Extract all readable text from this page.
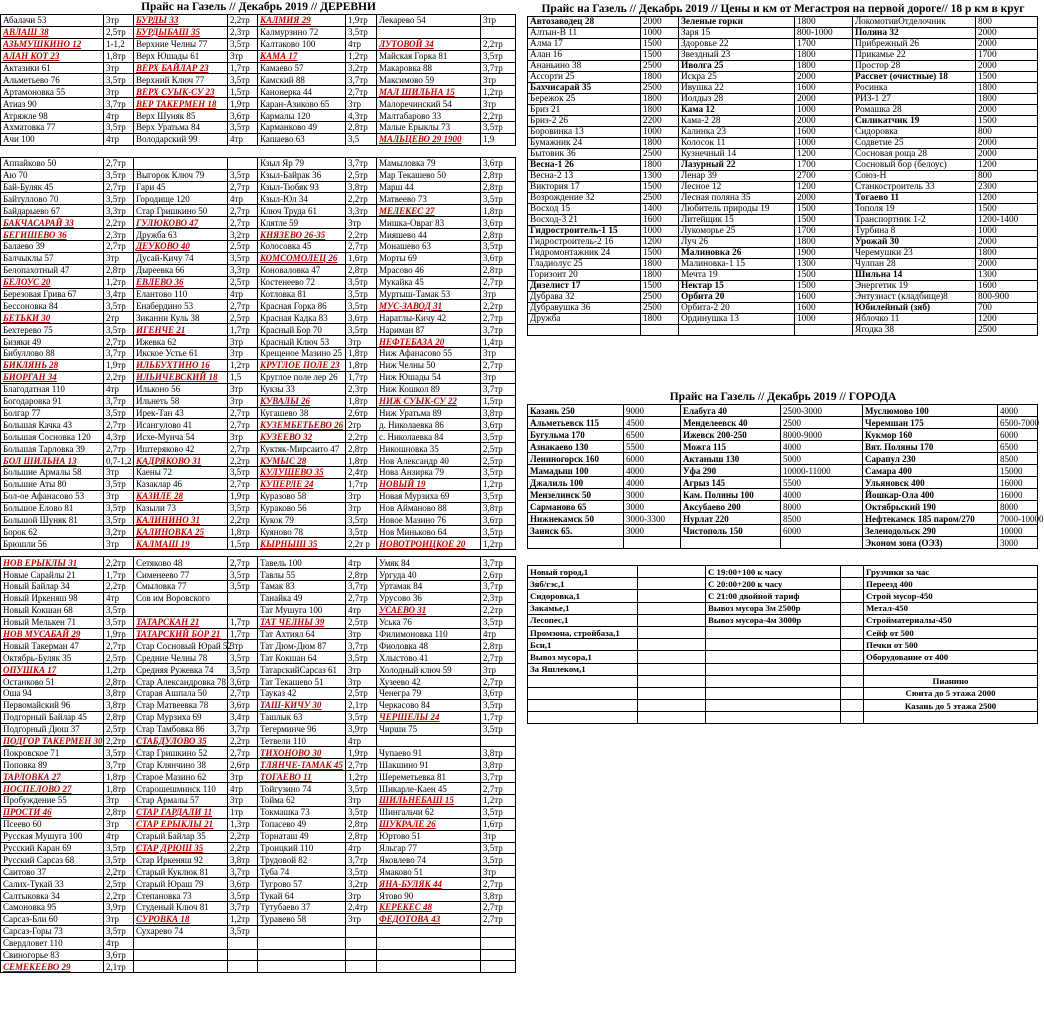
Прайс на Газель // Декабрь 2019 // ДЕРЕВНИ
Абалачи 53	3тр	БУРДЫ 33	2,2тр	КАЛМИЯ 29	1,9тр	Лекарево 54	3тр
АВЛАШ 38	2,5тр	БУРДЫБАШ 35	2,3тр	Калмурзино 72	3,5тр		
АЗЬМУШКИНО 12	1-1,2	Верхние Челны 77	3,5тр	Калтаково 100	4тр	ЛУТОВОЙ 34	2,2тр
АЛАН КОТ 23	1,8тр	Верх Юшады 61	3тр	КАМА 17	1,2тр	Майская Горка 81	3,5тр
Актазики 61	3тр	ВЕРХ БАЙЛАР 23	1,7тр	Камаево 57	3,2тр	Макаровка 88	3,7тр
Альметьево 76	3,5тр	Верхний Ключ 77	3,5тр	Камский 88	3,7тр	Максимово 59	3тр
Артамоновка 55	3тр	ВЕРХ СУЫК-СУ 23	1,5тр	Канонерка 44	2,7тр	МАЛ ШИЛЬНА 15	1,2тр
Атиаз 90	3,7тр	ВЕР ТАКЕРМЕН 18	1,9тр	Каран-Азиково 65	3тр	Малоречинский 54	3тр
Атряжле 98	4тр	Верх Шуняк 85	3,6тр	Кармалы 120	4,3тр	Малтабарово 33	2,2тр
Ахматовка 77	3,5тр	Верх Уратьма 84	3,5тр	Карманково 49	2,8тр	Малые Ерыклы 73	3,5тр
Ачи 100	4тр	Володарский 99	4тр	Кашаево 63	3,5	МАЛЬЦЕВО 29 1900	1,9
Аппайково 50	2,7тр			Кзыл Яр 79	3,7тр	Мамыловка 79	3,6тр
Аю 70	3,5тр	Выгорок Ключ 79	3,5тр	Кзыл-Байрак 36	2,5тр	Мар Текашево 50	2,8тр
Бай-Буляк 45	2,7тр	Гари 45	2,7тр	Кзыл-Тюбяк 93	3,8тр	Марш 44	2,8тр
Байтуллово 70	3,5тр	Городище 120	4тр	Кзыл-Юл 34	2,2тр	Матвеево 73	3,5тр
Байдарыево 67	3,3тр	Стар Гришкино 50	2,7тр	Ключ Труда 61	3,3тр	МЕЛЕКЕС 27	1,8тр
БАКЧАСАРАЙ 33	2,2тр	ГУЛЮКОВО 47	2,7тр	Клятле 59	3тр	Мишка-Овраг 83	3,6тр
БЕГИШЕВО 36	2,3тр	Дружба 63	3,2тр	КНЯЗЕВО 26-35	2,2тр	Мияшево 44	2,8тр
Балаево 39	2,7тр	ДЕУКОВО 40	2,5тр	Колосовка 45	2,7тр	Монашево 63	3,5тр
Балчыклы 57	3тр	Дусай-Кичу 74	3,5тр	КОМСОМОЛЕЦ 26	1,6тр	Морты 69	3,6тр
Белопахотный 47	2,8тр	Дыреевка 66	3,3тр	Коноваловка 47	2,8тр	Мрасово 46	2,8тр
БЕЛОУС 20	1,2тр	ЕВЛЕВО 36	2,5тр	Костенеево 72	3,5тр	Мукайка 45	2,7тр
Березовая Грива 67	3,4тр	Елантово 110	4тр	Котловка 81	3,5тр	Муртыш-Тамак 53	3тр
Бессоновка 84	3,5тр	Енабердино 53	2,7тр	Красная Горка 86	3,5тр	МУС-ЗАВОД 31	2,2тр
БЕТЬКИ 30	2тр	Зиканни Куль 38	2,5тр	Красная Кадка 83	3,6тр	Наратлы-Кичу 42	2,7тр
Бехтерево 75	3,5тр	ИГЕНЧЕ 21	1,7тр	Красный Бор 70	3,5тр	Нариман 87	3,7тр
Бизяки 49	2,7тр	Ижевка 62	3тр	Красный Ключ 53	3тр	НЕФТЕБАЗА 20	1,4тр
Бибуллово 88	3,7тр	Икское Устье 61	3тр	Крещеное Мазино 25	1,8тр	Ниж Афанасово 55	3тр
БИКЛЯНЬ 28	1,9тр	ИЛЬБУХТИНО 16	1,2тр	КРУГЛОЕ ПОЛЕ 23	1,8тр	Ниж Челны 50	2,7тр
БИОРГАН 34	2,2тр	ИЛЬИЧЕВСКИЙ 18	1,5	Круглое поле лер 26	1,7тр	Ниж Юшады 54	3тр
Благодатная 110	4тр	Ильконо 56	3тр	Кукзы 33	2,3тр	Ниж Кошкол 89	3,7тр
Богодаровка 91	3,7тр	Ильнеть 58	3тр	КУВАЛЫ 26	1,8тр	НИЖ СУЫК-СУ 22	1,5тр
Болгар 77	3,5тр	Ирек-Тан 43	2,7тр	Кугашево 38	2,6тр	Ниж Уратьма 89	3,8тр
Большая Качка 43	2,7тр	Исангулово 41	2,7тр	КУЗЕМБЕТЬЕВО 26	2тр	д. Николаевка 86	3,6тр
Большая Сосновка 120	4,3тр	Исхе-Мунча 54	3тр	КУЗЕЕВО 32	2,2тр	с. Николаевка 84	3,5тр
Большая Тарловка 39	2,7тр	Иштеряково 42	2,7тр	Куктяк-Мирсаито 47	2,8тр	Никошновка 35	2,5тр
БОЛ ШИЛЬНА 13	0,7-1,2	КАДРЯКОВО 31	2,2тр	КУМЫС 28	1,8тр	Нов Александр 40	2,5тр
Большие Армалы 58	3тр	Каены 72	3,5тр	КУЛУШЕВО 35	2,4тр	Нова Анзирка 79	3,5тр
Большие Аты 80	3,5тр	Казаклар 46	2,7тр	КУПЕРЛЕ 24	1,7тр	НОВЫЙ 19	1,2тр
Бол-ое Афанасово 53	3тр	КАЗИЛЕ 28	1,9тр	Куразово 58	3тр	Новая Мурзиха 69	3,5тр
Большое Елово 81	3,5тр	Казыли 73	3,5тр	Кураково 56	3тр	Нов Айманово 88	3,8тр
Большой Шуняк 81	3,5тр	КАЛИНИНО 31	2,2тр	Кукок 79	3,5тр	Новое Мазино 76	3,6тр
Борок 62	3,2тр	КАЛИНОВКА 25	1,8тр	Куяново 78	3,5тр	Нов Миньково 64	3,5тр
Брюшли 56	3тр	КАЛМАШ 19	1,5тр	КЫРНЫШ 35	2,2т р	НОВОТРОИЦКОЕ 20	1,2тр
НОВ ЕРЫКЛЫ 31	2,2тр	Сетяково 48	2,7тр	Тавель 100	4тр	Умяк 84	3,7тр
Новые Сарайлы 21	1,7тр	Сименеево 77	3,5тр	Тавлы 55	2,8тр	Ургуда 40	2,6тр
Новый Байлар 34	2,2тр	Смыловка 77	3,5тр	Тамак 83	3,7тр	Уртамак 84	3,7тр
Новый Иркеняш 98	4тр	Сов им Воровского		Танайка 49	2,7тр	Урусово 36	2,3тр
Новый Кокшан 68	3,5тр			Тат Мушуга 100	4тр	УСАЕВО 31	2,2тр
Новый Мелькен 71	3,5тр	ТАТАРСКАН 21	1,7тр	ТАТ ЧЕЛНЫ 39	2,5тр	Уська 76	3,5тр
НОВ МУСАБАЙ 29	1,9тр	ТАТАРСКИЙ БОР 21	1,7тр	Тат Ахтиял 64	3тр	Филимоновка 110	4тр
Новый Такерман 47	2,7тр	Стар Сосновый Юрай 52	3тр	Тат Дюм-Дюм 87	3,7тр	Фиоловка 48	2,8тр
Октябрь-Буляк 35	2,5тр	Средние Челны 78	3,5тр	Тат Кокшан 64	3,5тр	Хлыстово 41	2,7тр
ОПУШКА 17	1,2тр	Средняя Ружевка 74	3,5тр	ТатарскийСарсаз 61	3тр	Холодный ключ 59	3тр
Останково 51	2,8тр	Стар Александровка 78	3,6тр	Тат Текашево 51	3тр	Хузеево 42	2,7тр
Оша 94	3,8тр	Старая Ашпала 50	2,7тр	Тауказ 42	2,5тр	Ченегра 79	3,6тр
Первомайский 96	3,8тр	Стар Матвеевка 78	3,6тр	ТАШ-КИЧУ 30	2,1тр	Черкасово 84	3,5тр
Подгорный Байлар 45	2,8тр	Стар Мурзиха 69	3,4тр	Ташлык 63	3,5тр	ЧЕРШЕЛЫ 24	1,7тр
Подгорный Дюш 37	2,5тр	Стар Тамбовка 86	3,7тр	Тегерминче 96	3,9тр	Чирши 75	3,5тр
ПОДГОР ТАКЕРМЕН 30	2,2тр	СТАБДУЛОВО 35	2,2тр	Тетвели 110	4тр		
Покровское 71	3,5тр	Стар Гришкино 52	2,7тр	ТИХОНОВО 30	1,9тр	Чупаево 91	3,8тр
Поповка 89	3,7тр	Стар Клянчино 38	2,6тр	ТЛЯНЧЕ-ТАМАК 45	2,7тр	Шакшино 91	3,8тр
ТАРЛОВКА 27	1,8тр	Старое Мазино 62	3тр	ТОГАЕВО 11	1,2тр	Шереметьевка 81	3,7тр
ПОСПЕЛОВО 27	1,8тр	Старошешминск 110	4тр	Тойгузино 74	3,5тр	Шикарле-Каен 45	2,7тр
Пробуждение 55	3тр	Стар Армалы 57	3тр	Тойма 62	3тр	ШИЛЬНЕБАШ 15	1,2тр
ПРОСТИ 46	2,8тр	СТАР ГАРДАЛИ 11	1тр	Токмашка 73	3,5тр	Шингальчи 62	3,5тр
Псеево 60	3тр	СТАР ЕРЫКЛЫ 21	1,3тр	Топасево 49	2,8тр	ШУКРАЛЕ 26	1,6тр
Русская Мушуга 100	4тр	Старый Байлар 35	2,2тр	Торнаташ 49	2,8тр	Юртово 51	3тр
Русский Каран 69	3,5тр	СТАР ДРЮШ 35	2,2тр	Троицкий 110	4тр	Яльгар 77	3,5тр
Русский Сарсаз 68	3,5тр	Стар Иркеняш 92	3,8тр	Трудовой 82	3,7тр	Яковлево 74	3,5тр
Саитово 37	2,2тр	Старый Куклюк 81	3,7тр	Туба 74	3,5тр	Ямаково 51	3тр
Салих-Тукай 33	2,5тр	Старый Юраш 79	3,6тр	Тугрово 57	3,2тр	ЯНА-БУЛЯК 44	2,7тр
Салтыковка 34	2,2тр	Степановка 73	3,5тр	Тукай 64	3тр	Ятово 90	3,8тр
Самоновка 95	3,9тр	Студеный Ключ 81	3,7тр	Тутубаево 37	2,4тр	КЕРЕКЕС 48	2,7тр
Сарсаз-Бли 60	3тр	СУРОВКА 18	1,2тр	Туравево 58	3тр	ФЕДОТОВА 43	2,7тр
Сарсаз-Горы 73	3,5тр	Сухарево 74	3,5тр				
Свердловет 110	4тр						
Свиногорье 83	3,6тр						
СЕМЕКЕЕВО 29	2,1тр						
Прайс на Газель // Декабрь 2019 // Цены и км от Мегастроя на первой дороге// 18 р км в круг
Автозаводец 28	2000	Зеленые горки	1800	ЛокомотивОтделочник	800
Алтын-В 11	1000	Заря 15	800-1000	Поляна 32	2000
Алма 17	1500	Здоровье 22	1700	Прибрежный 26	2000
Алан 16	1500	Звездный 23	1800	Прикамье 22	1700
Ананьино 38	2500	Иволга 25	1800	Простор 28	2000
Ассорти 25	1800	Искра 25	2000	Рассвет (очистные) 18	1500
Бахчисарай 35	2500	Ивушка 22	1600	Росинка	1800
Бережок 25	1800	Иолдыз 28	2000	РИЗ-1 27	1800
Бриз 21	1800	Кама 12	1000	Ромашка 28	2000
Бриз-2 26	2200	Кама-2 28	2000	Силикатчик 19	1500
Боровинка 13	1000	Калинка 23	1600	Сидоровка	800
Бумажник 24	1800	Колосок 11	1000	Содветие 25	2000
Бытовик 36	2500	Кузнечный 14	1200	Сосновая роща 28	2000
Весна-1 26	1800	Лазурный 22	1700	Сосновый бор (белоус)	1200
Весна-2 13	1300	Ленар 39	2700	Союз-Н	800
Виктория 17	1500	Лесное 12	1200	Станкостроитель 33	2300
Возрождение 32	2500	Лесная поляна 35	2000	Тогаево 11	1200
Восход 15	1400	Любитель природы 19	1500	Тополя 19	1500
Восход-3 21	1600	Литейщик 15	1500	Транспортник 1-2	1200-1400
Гидростроитель-1 15	1000	Лукоморье 25	1700	Турбина 8	1000
Гидростроитель-2 16	1200	Луч 26	1800	Урожай 30	2000
Гидромонтажник 24	1500	Малиновка 26	1900	Черемушки 23	1800
Гладиолус 25	1800	Малиновка-1 15	1300	Чулпан 28	2000
Горизонт 20	1800	Мечта 19	1500	Шильна 14	1300
Дизелист 17	1500	Нектар 15	1500	Энергетик 19	1600
Дубрава 32	2500	Орбита 20	1600	Энтузиаст (кладбище)8	800-900
Дубравушка 36	2500	Орбита-2 20	1600	Юбилейный (зяб)	700
Дружба	1800	Ординушка 13	1000	Яблочко 11	1200
				Ягодка 38	2500
Прайс на Газель // Декабрь 2019 // ГОРОДА
Казань 250	9000	Елабуга 40	2500-3000	Муслюмово 100	4000
Альметьевск 115	4500	Менделеевск 40	2500	Черемшан 175	6500-7000
Бугульма 170	6500	Ижевск 200-250	8000-9000	Кукмор 160	6000
Азнакаево 130	5500	Можга 115	4000	Вят. Поляны 170	6500
Лениногорск 160	6000	Актаныш 130	5000	Сарапул 230	8500
Мамадыш 100	4000	Уфа 290	10000-11000	Самара 400	15000
Джалиль 100	4000	Агрыз 145	5500	Ульяновск 400	16000
Мензелинск 50	3000	Кам. Поляны 100	4000	Йошкар-Ола 400	16000
Сарманово 65	3000	Аксубаево 200	8000	Октябрьский 190	8000
Нижнекамск 50	3000-3300	Нурлат 220	8500	Нефтекамск 185 паром/270	7000-10000
Заинск 65.	3000	Чистополь 150	6000	Зеленодольск 290	10000
				Эконом зона (ОЭЗ)	3000
Новый город,1		С 19:00+100 к часу		Грузчики за час
Зяб/гэс,1		С 20:00+200 к часу		Переезд 400
Сидоровка,1		С 21:00 двойной тариф		Строй мусор-450
Закамье,1		Вывоз мусора 3м 2500р		Метал-450
Лесопес,1		Вывоз мусора-4м 3000р		Стройматериалы-450
Промзона, стройбаза,1				Сейф от 500
Бсн,1				Печки от 500
Вывоз мусора,1				Оборудование от 400
За Яшлеком,1				
				Пианино
				Сюита до 5 этажа 2000
				Казань до 5 этажа 2500
